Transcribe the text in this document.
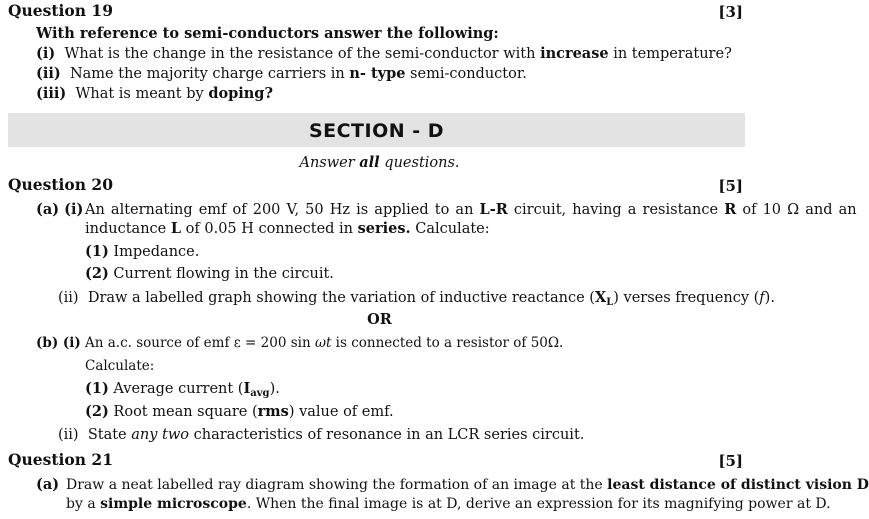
Question 19	[3]
With reference to semi-conductors answer the following:
(i) What is the change in the resistance of the semi-conductor with increase in temperature?
(ii) Name the majority charge carriers in n- type semi-conductor.
(iii) What is meant by doping?
SECTION - D
Answer all questions.
Question 20	[5]
(a) (i) An alternating emf of 200 V, 50 Hz is applied to an L-R circuit, having a resistance R of 10 Ω and an
inductance L of 0.05 H connected in series. Calculate:
(1) Impedance.
(2) Current flowing in the circuit.
(ii) Draw a labelled graph showing the variation of inductive reactance $(X_L)$ verses frequency (f).
OR
(b) (i) An a.c. source of emf ε = 200 sin ωt is connected to a resistor of 50Ω.
Calculate:
(1) Average current $(I_{avg})$.
(2) Root mean square (rms) value of emf.
(ii) State any two characteristics of resonance in an LCR series circuit.
Question 21	[5]
(a) Draw a neat labelled ray diagram showing the formation of an image at the least distance of distinct vision D
by a simple microscope. When the final image is at D, derive an expression for its magnifying power at D.
